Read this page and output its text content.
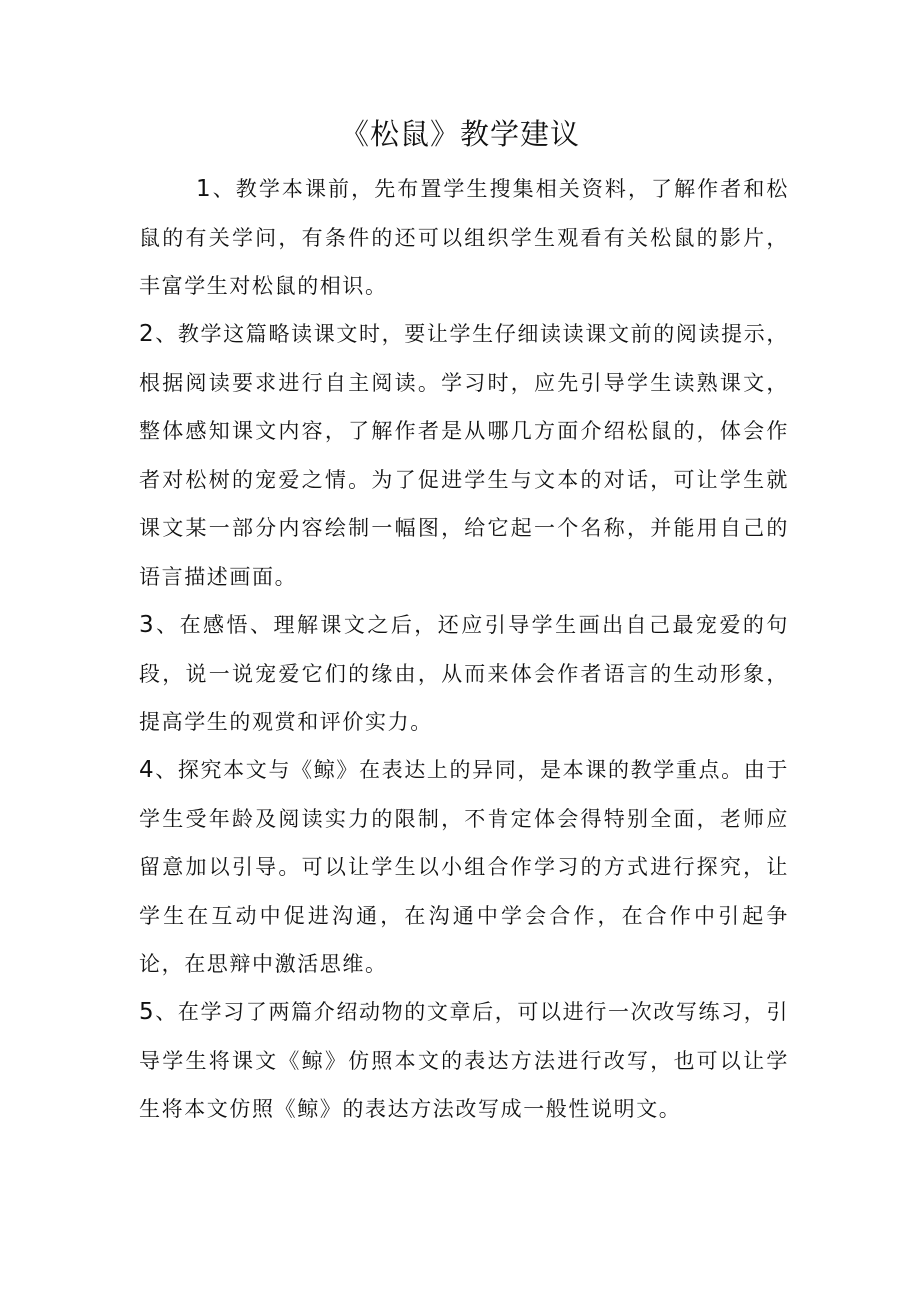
《松鼠》教学建议

1、教学本课前，先布置学生搜集相关资料，了解作者和松鼠的有关学问，有条件的还可以组织学生观看有关松鼠的影片，丰富学生对松鼠的相识。

2、教学这篇略读课文时，要让学生仔细读读课文前的阅读提示，根据阅读要求进行自主阅读。学习时，应先引导学生读熟课文，整体感知课文内容，了解作者是从哪几方面介绍松鼠的，体会作者对松树的宠爱之情。为了促进学生与文本的对话，可让学生就课文某一部分内容绘制一幅图，给它起一个名称，并能用自己的语言描述画面。

3、在感悟、理解课文之后，还应引导学生画出自己最宠爱的句段，说一说宠爱它们的缘由，从而来体会作者语言的生动形象，提高学生的观赏和评价实力。

4、探究本文与《鲸》在表达上的异同，是本课的教学重点。由于学生受年龄及阅读实力的限制，不肯定体会得特别全面，老师应留意加以引导。可以让学生以小组合作学习的方式进行探究，让学生在互动中促进沟通，在沟通中学会合作，在合作中引起争论，在思辩中激活思维。

5、在学习了两篇介绍动物的文章后，可以进行一次改写练习，引导学生将课文《鲸》仿照本文的表达方法进行改写，也可以让学生将本文仿照《鲸》的表达方法改写成一般性说明文。
